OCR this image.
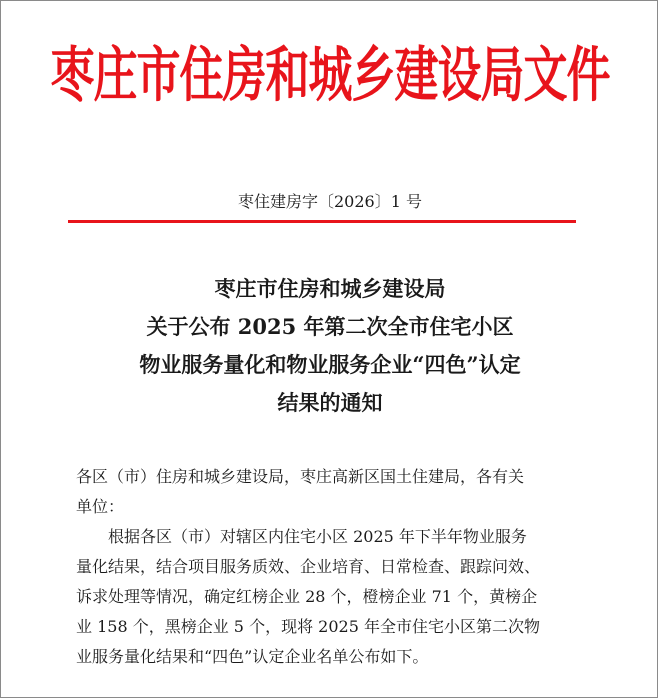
枣庄市住房和城乡建设局文件
枣住建房字〔2026〕1 号
枣庄市住房和城乡建设局
关于公布 2025 年第二次全市住宅小区
物业服务量化和物业服务企业“四色”认定
结果的通知
各区（市）住房和城乡建设局，枣庄高新区国土住建局，各有关
单位：
根据各区（市）对辖区内住宅小区 2025 年下半年物业服务
量化结果，结合项目服务质效、企业培育、日常检查、跟踪问效、
诉求处理等情况，确定红榜企业 28 个，橙榜企业 71 个，黄榜企
业 158 个，黑榜企业 5 个，现将 2025 年全市住宅小区第二次物
业服务量化结果和“四色”认定企业名单公布如下。
